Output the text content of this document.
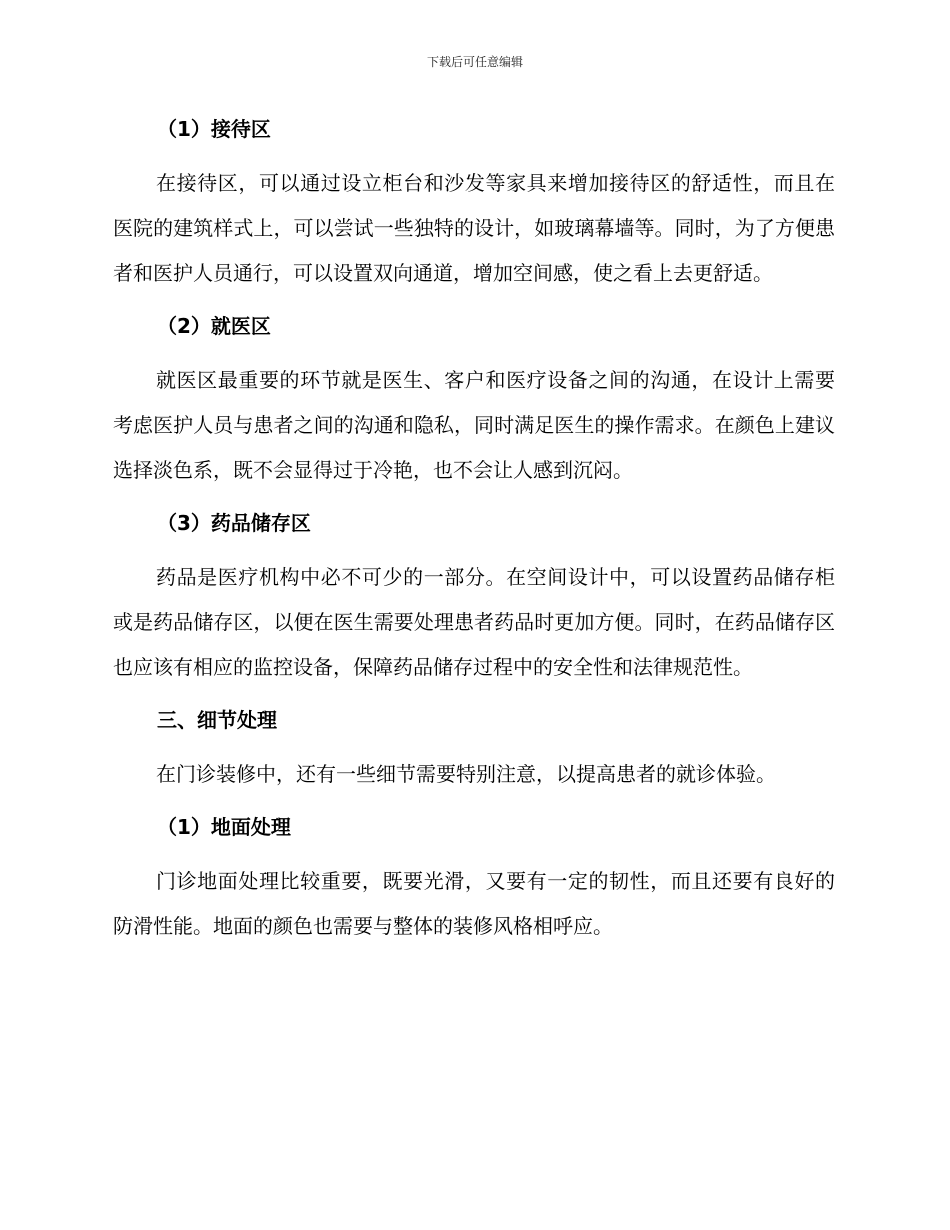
下载后可任意编辑
（1）接待区

在接待区，可以通过设立柜台和沙发等家具来增加接待区的舒适性，而且在医院的建筑样式上，可以尝试一些独特的设计，如玻璃幕墙等。同时，为了方便患者和医护人员通行，可以设置双向通道，增加空间感，使之看上去更舒适。

（2）就医区

就医区最重要的环节就是医生、客户和医疗设备之间的沟通，在设计上需要考虑医护人员与患者之间的沟通和隐私，同时满足医生的操作需求。在颜色上建议选择淡色系，既不会显得过于冷艳，也不会让人感到沉闷。

（3）药品储存区

药品是医疗机构中必不可少的一部分。在空间设计中，可以设置药品储存柜或是药品储存区，以便在医生需要处理患者药品时更加方便。同时，在药品储存区也应该有相应的监控设备，保障药品储存过程中的安全性和法律规范性。

三、细节处理

在门诊装修中，还有一些细节需要特别注意，以提高患者的就诊体验。

（1）地面处理

门诊地面处理比较重要，既要光滑，又要有一定的韧性，而且还要有良好的防滑性能。地面的颜色也需要与整体的装修风格相呼应。
